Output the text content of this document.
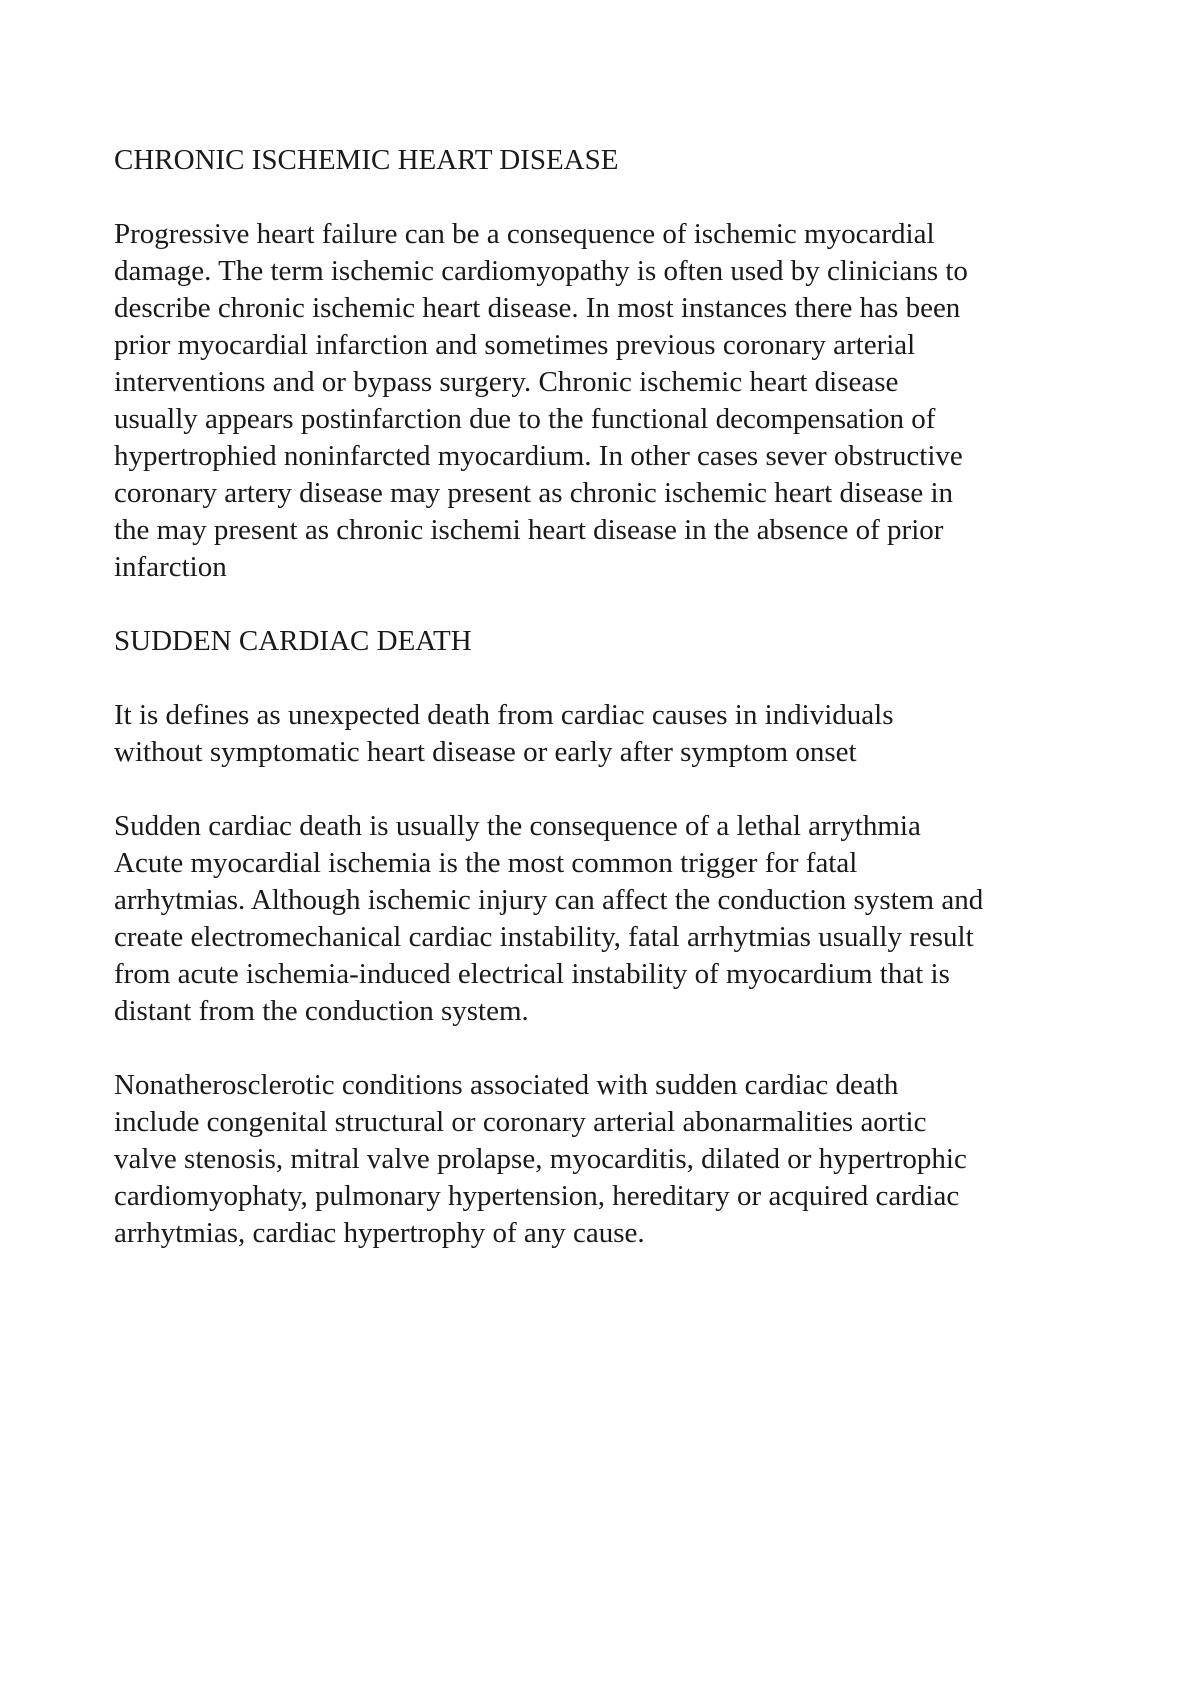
CHRONIC ISCHEMIC HEART DISEASE
Progressive heart failure can be a consequence of ischemic myocardial
damage. The term ischemic cardiomyopathy is often used by clinicians to
describe chronic ischemic heart disease. In most instances there has been
prior myocardial infarction and sometimes previous coronary arterial
interventions and or bypass surgery. Chronic ischemic heart disease
usually appears postinfarction due to the functional decompensation of
hypertrophied noninfarcted myocardium. In other cases sever obstructive
coronary artery disease may present as chronic ischemic heart disease in
the may present as chronic ischemi heart disease in the absence of prior
infarction
SUDDEN CARDIAC DEATH
It is defines as unexpected death from cardiac causes in individuals
without symptomatic heart disease or early after symptom onset
Sudden cardiac death is usually the consequence of a lethal arrythmia
Acute myocardial ischemia is the most common trigger for fatal
arrhytmias. Although ischemic injury can affect the conduction system and
create electromechanical cardiac instability, fatal arrhytmias usually result
from acute ischemia-induced electrical instability of myocardium that is
distant from the conduction system.
Nonatherosclerotic conditions associated with sudden cardiac death
include congenital structural or coronary arterial abonarmalities aortic
valve stenosis, mitral valve prolapse, myocarditis, dilated or hypertrophic
cardiomyophaty, pulmonary hypertension, hereditary or acquired cardiac
arrhytmias, cardiac hypertrophy of any cause.
